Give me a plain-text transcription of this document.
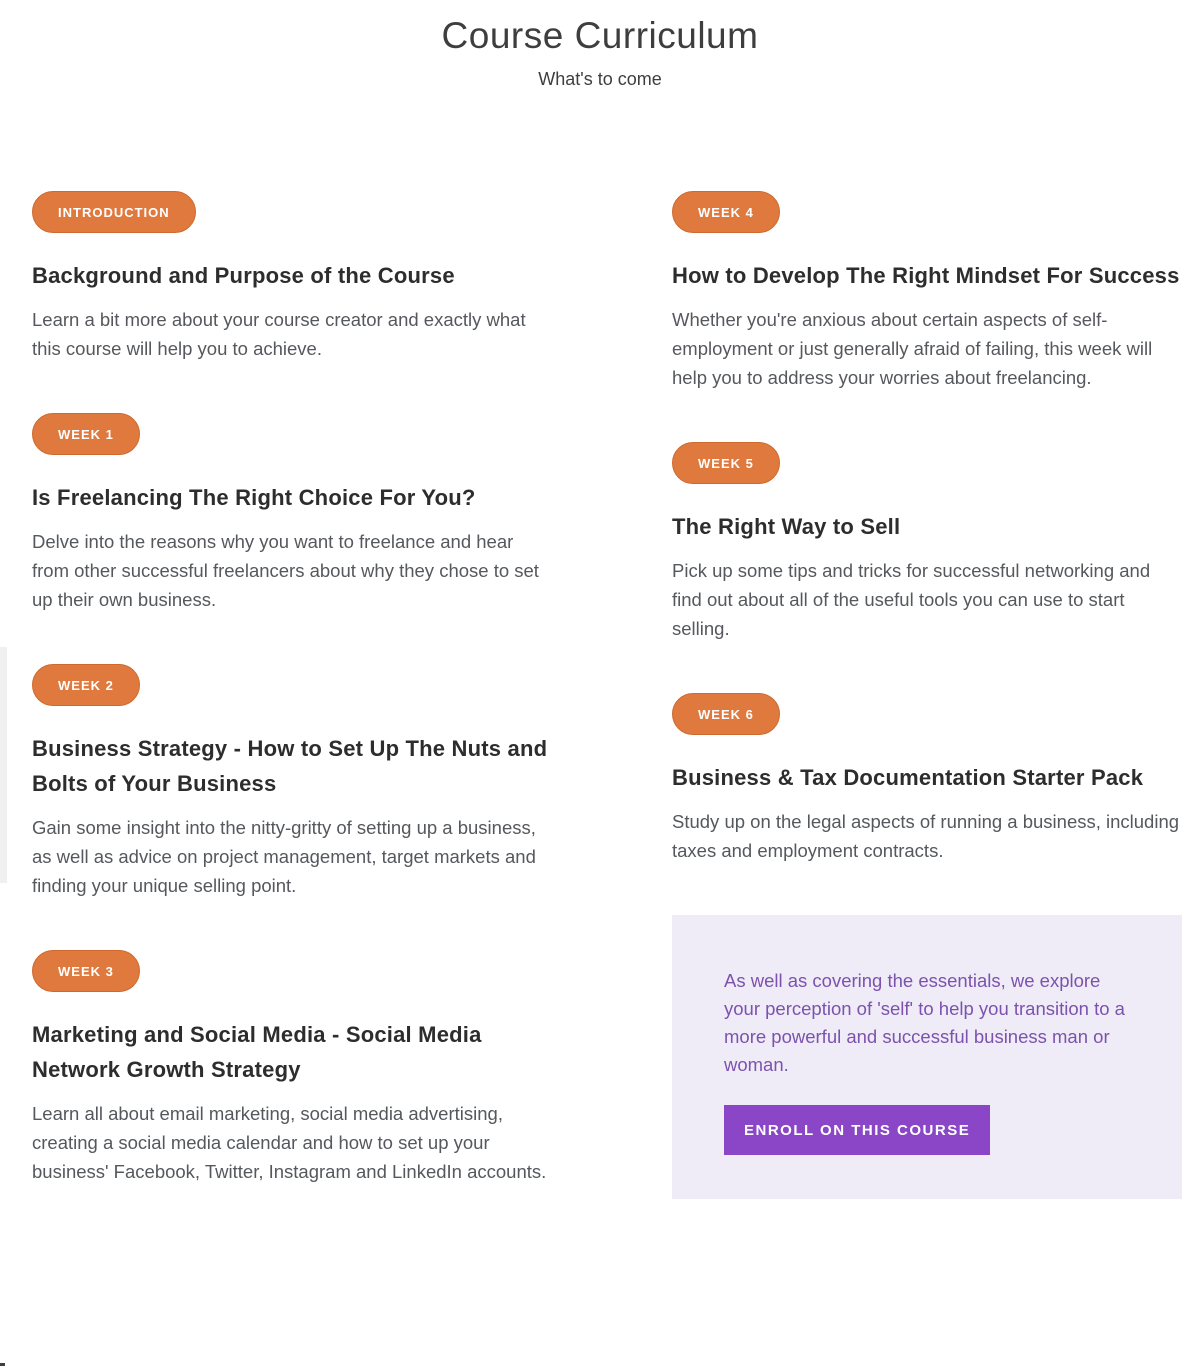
Course Curriculum

What's to come

INTRODUCTION
Background and Purpose of the Course

Learn a bit more about your course creator and exactly what this course will help you to achieve.

WEEK 1
Is Freelancing The Right Choice For You?

Delve into the reasons why you want to freelance and hear from other successful freelancers about why they chose to set up their own business.

WEEK 2
Business Strategy - How to Set Up The Nuts and Bolts of Your Business

Gain some insight into the nitty-gritty of setting up a business, as well as advice on project management, target markets and finding your unique selling point.

WEEK 3
Marketing and Social Media - Social Media Network Growth Strategy

Learn all about email marketing, social media advertising, creating a social media calendar and how to set up your business' Facebook, Twitter, Instagram and LinkedIn accounts.

WEEK 4
How to Develop The Right Mindset For Success

Whether you're anxious about certain aspects of self-employment or just generally afraid of failing, this week will help you to address your worries about freelancing.

WEEK 5
The Right Way to Sell

Pick up some tips and tricks for successful networking and find out about all of the useful tools you can use to start selling.

WEEK 6
Business & Tax Documentation Starter Pack

Study up on the legal aspects of running a business, including taxes and employment contracts.

As well as covering the essentials, we explore your perception of 'self' to help you transition to a more powerful and successful business man or woman.

ENROLL ON THIS COURSE
